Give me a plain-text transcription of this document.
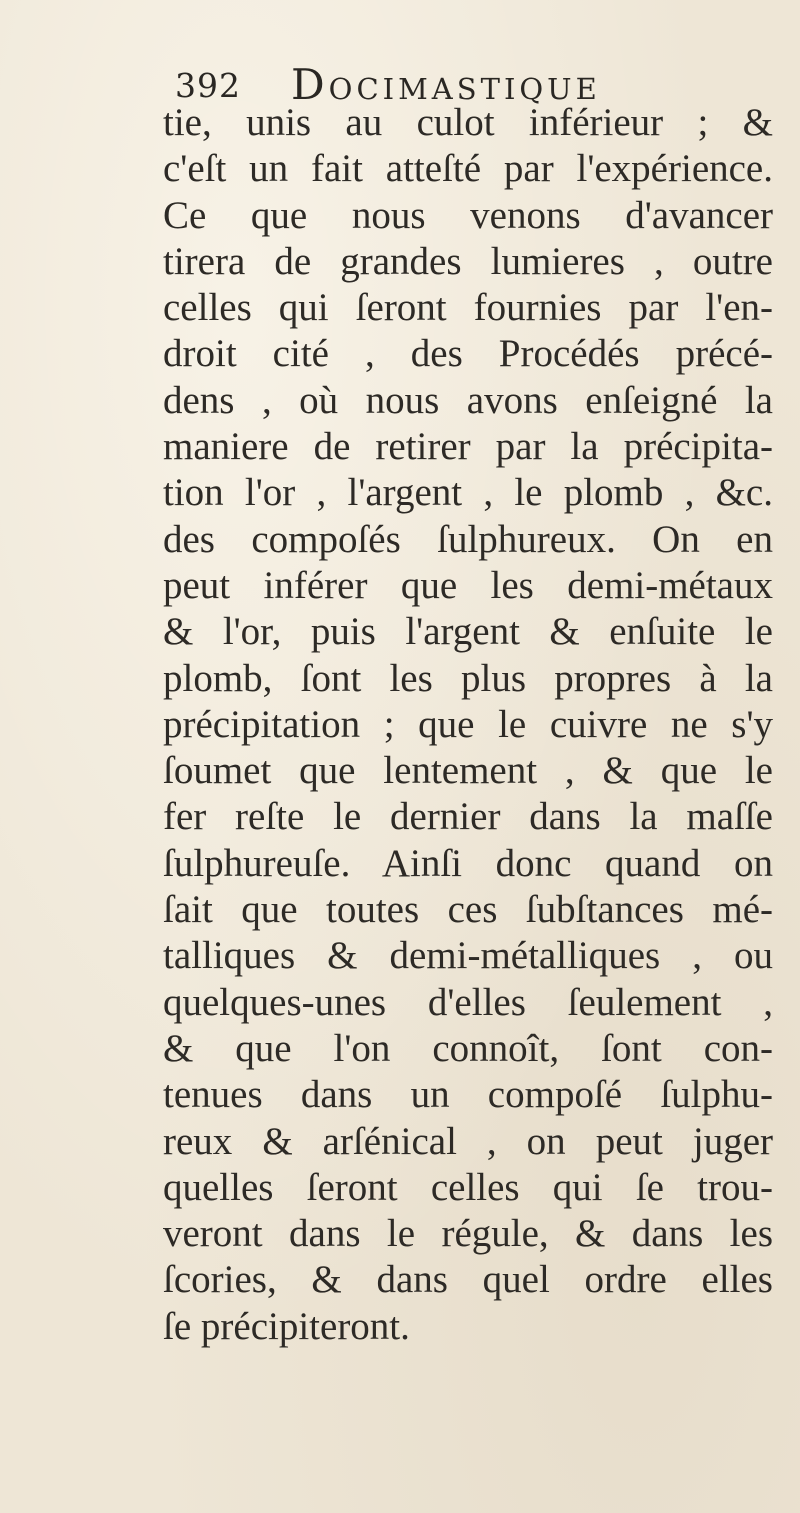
392 Docimastique
tie, unis au culot inférieur ; &
c'eſt un fait atteſté par l'expérience.
Ce que nous venons d'avancer
tirera de grandes lumieres , outre
celles qui ſeront fournies par l'en-
droit cité , des Procédés précé-
dens , où nous avons enſeigné la
maniere de retirer par la précipita-
tion l'or , l'argent , le plomb , &c.
des compoſés ſulphureux. On en
peut inférer que les demi-métaux
& l'or, puis l'argent & enſuite le
plomb, ſont les plus propres à la
précipitation ; que le cuivre ne s'y
ſoumet que lentement , & que le
fer reſte le dernier dans la maſſe
ſulphureuſe. Ainſi donc quand on
ſait que toutes ces ſubſtances mé-
talliques & demi-métalliques , ou
quelques-unes d'elles ſeulement ,
& que l'on connoît, ſont con-
tenues dans un compoſé ſulphu-
reux & arſénical , on peut juger
quelles ſeront celles qui ſe trou-
veront dans le régule, & dans les
ſcories, & dans quel ordre elles
ſe précipiteront.
